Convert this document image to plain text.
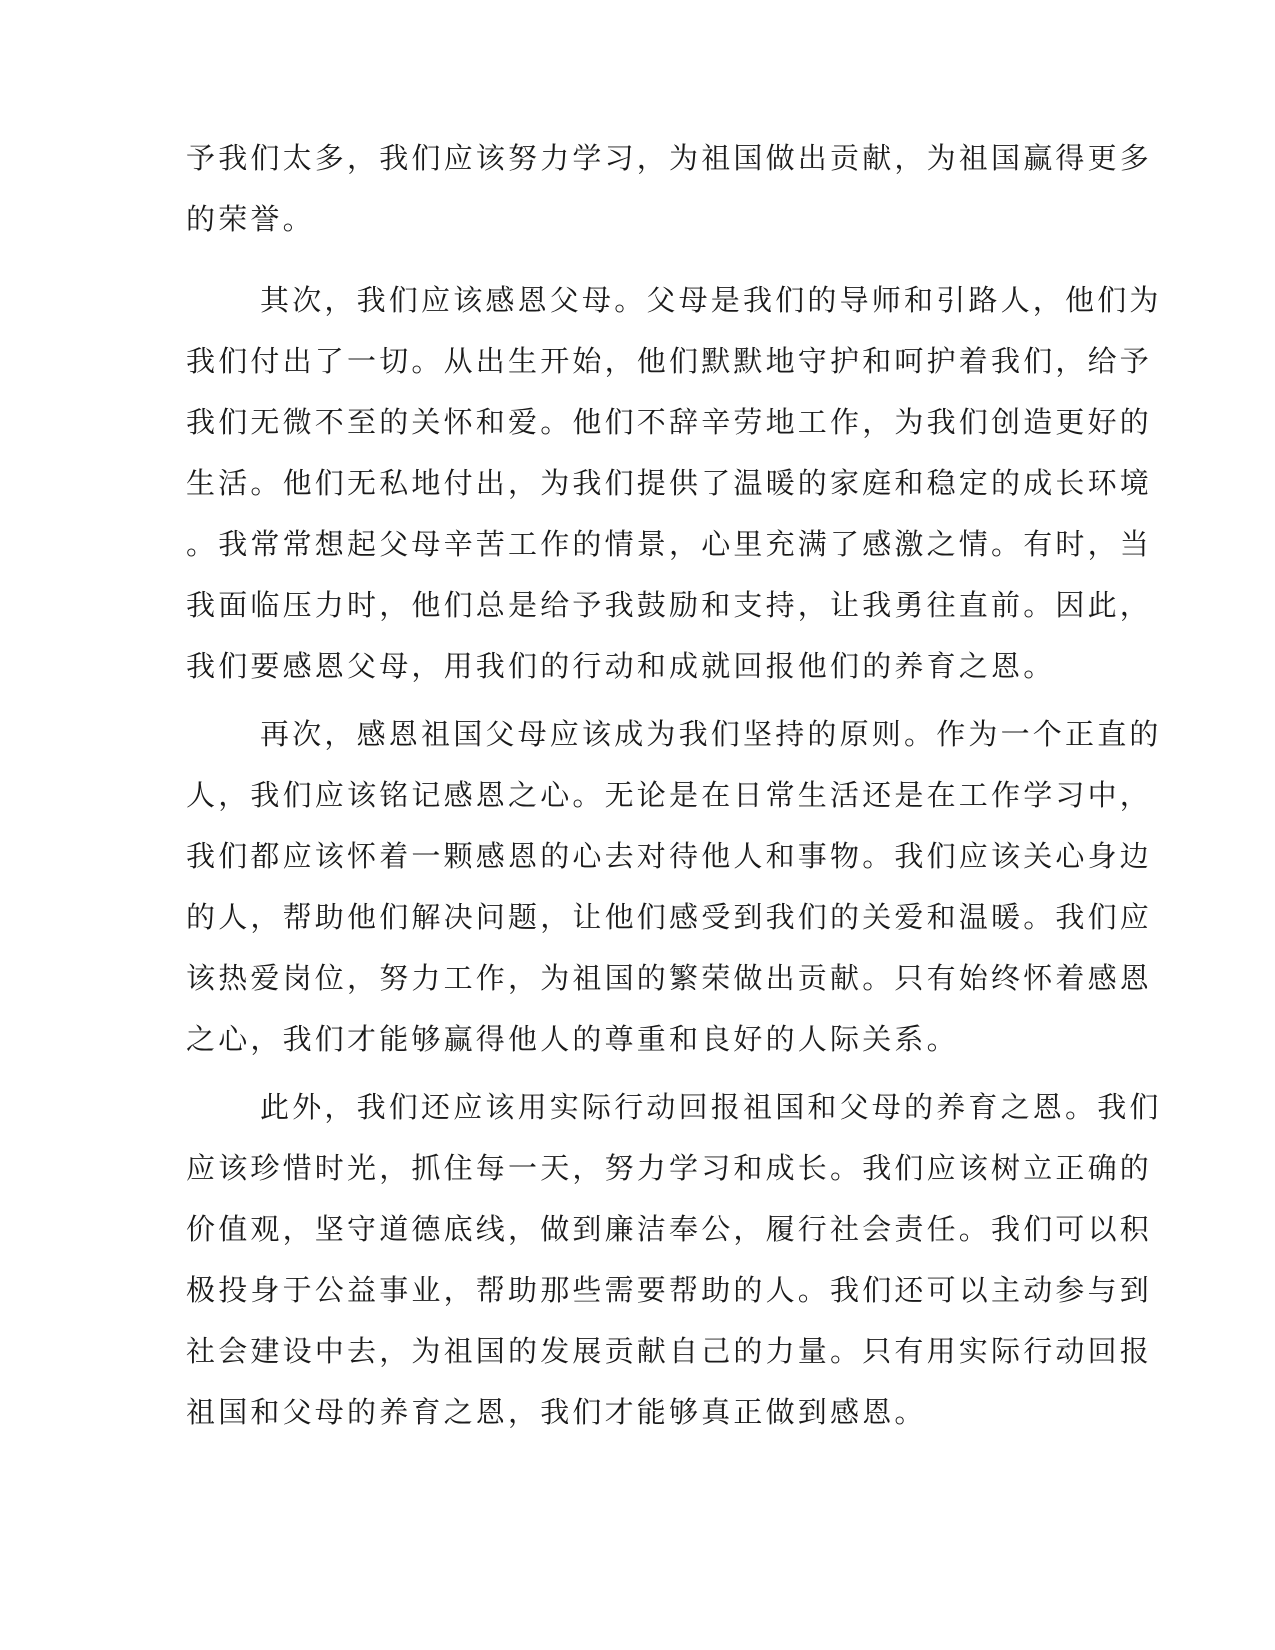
予我们太多，我们应该努力学习，为祖国做出贡献，为祖国赢得更多
的荣誉。
其次，我们应该感恩父母。父母是我们的导师和引路人，他们为
我们付出了一切。从出生开始，他们默默地守护和呵护着我们，给予
我们无微不至的关怀和爱。他们不辞辛劳地工作，为我们创造更好的
生活。他们无私地付出，为我们提供了温暖的家庭和稳定的成长环境
。我常常想起父母辛苦工作的情景，心里充满了感激之情。有时，当
我面临压力时，他们总是给予我鼓励和支持，让我勇往直前。因此，
我们要感恩父母，用我们的行动和成就回报他们的养育之恩。
再次，感恩祖国父母应该成为我们坚持的原则。作为一个正直的
人，我们应该铭记感恩之心。无论是在日常生活还是在工作学习中，
我们都应该怀着一颗感恩的心去对待他人和事物。我们应该关心身边
的人，帮助他们解决问题，让他们感受到我们的关爱和温暖。我们应
该热爱岗位，努力工作，为祖国的繁荣做出贡献。只有始终怀着感恩
之心，我们才能够赢得他人的尊重和良好的人际关系。
此外，我们还应该用实际行动回报祖国和父母的养育之恩。我们
应该珍惜时光，抓住每一天，努力学习和成长。我们应该树立正确的
价值观，坚守道德底线，做到廉洁奉公，履行社会责任。我们可以积
极投身于公益事业，帮助那些需要帮助的人。我们还可以主动参与到
社会建设中去，为祖国的发展贡献自己的力量。只有用实际行动回报
祖国和父母的养育之恩，我们才能够真正做到感恩。
